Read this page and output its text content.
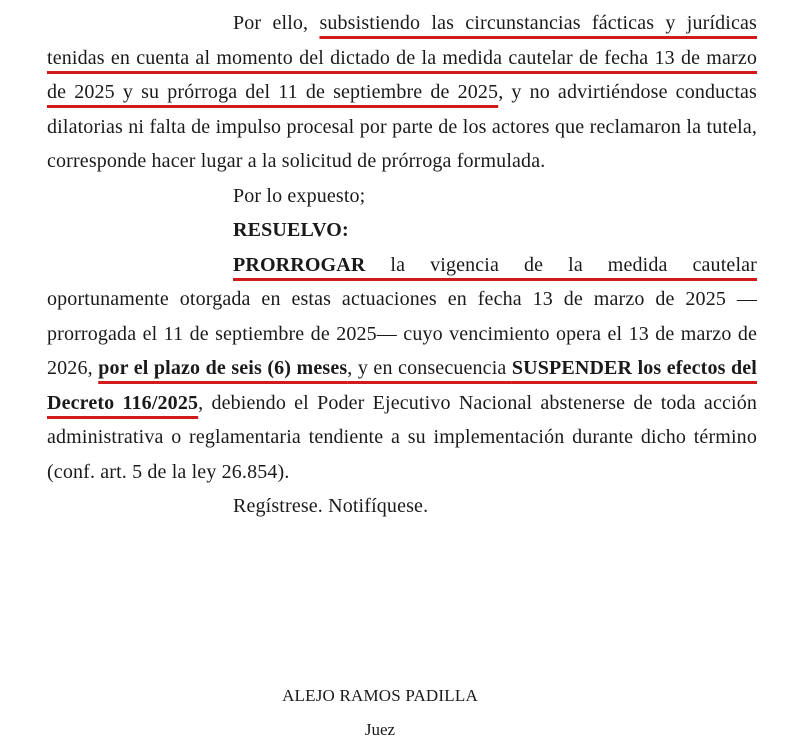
Por ello, subsistiendo las circunstancias fácticas y jurídicas tenidas en cuenta al momento del dictado de la medida cautelar de fecha 13 de marzo de 2025 y su prórroga del 11 de septiembre de 2025, y no advirtiéndose conductas dilatorias ni falta de impulso procesal por parte de los actores que reclamaron la tutela, corresponde hacer lugar a la solicitud de prórroga formulada.

Por lo expuesto;

RESUELVO:

PRORROGAR la vigencia de la medida cautelar oportunamente otorgada en estas actuaciones en fecha 13 de marzo de 2025 —prorrogada el 11 de septiembre de 2025— cuyo vencimiento opera el 13 de marzo de 2026, por el plazo de seis (6) meses, y en consecuencia SUSPENDER los efectos del Decreto 116/2025, debiendo el Poder Ejecutivo Nacional abstenerse de toda acción administrativa o reglamentaria tendiente a su implementación durante dicho término (conf. art. 5 de la ley 26.854).

Regístrese. Notifíquese.

ALEJO RAMOS PADILLA
Juez
